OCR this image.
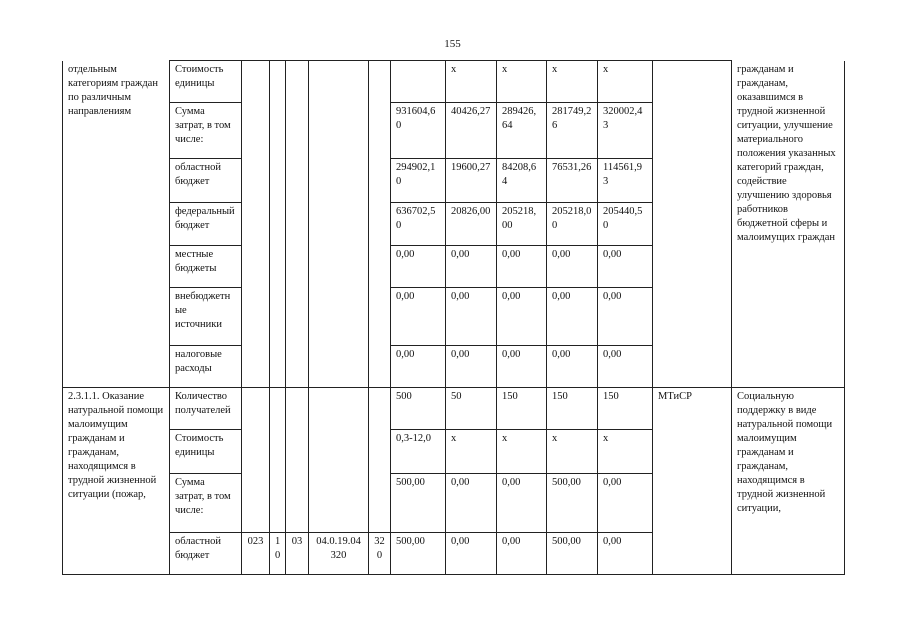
155
отдельным категориям граждан по различным направлениям	Стоимость единицы							х	х	х	х		гражданам и гражданам, оказавшимся в трудной жизненной ситуации, улучшение материального положения указанных категорий граждан, содействие улучшению здоровья работников бюджетной сферы и малоимущих граждан
	Сумма затрат, в том числе:						931604,60	40426,27	289426,64	281749,26	320002,43		
	областной бюджет						294902,10	19600,27	84208,64	76531,26	114561,93		
	федеральный бюджет						636702,50	20826,00	205218,00	205218,00	205440,50		
	местные бюджеты						0,00	0,00	0,00	0,00	0,00		
	внебюджетные источники						0,00	0,00	0,00	0,00	0,00		
	налоговые расходы						0,00	0,00	0,00	0,00	0,00		
2.3.1.1. Оказание натуральной помощи малоимущим гражданам и гражданам, находящимся в трудной жизненной ситуации (пожар,	Количество получателей						500	50	150	150	150	МТиСР	Социальную поддержку в виде натуральной помощи малоимущим гражданам и гражданам, находящимся в трудной жизненной ситуации,
	Стоимость единицы						0,3-12,0	х	х	х	х		
	Сумма затрат, в том числе:						500,00	0,00	0,00	500,00	0,00		
	областной бюджет	023	10	03	04.0.19.04320	320	500,00	0,00	0,00	500,00	0,00		
